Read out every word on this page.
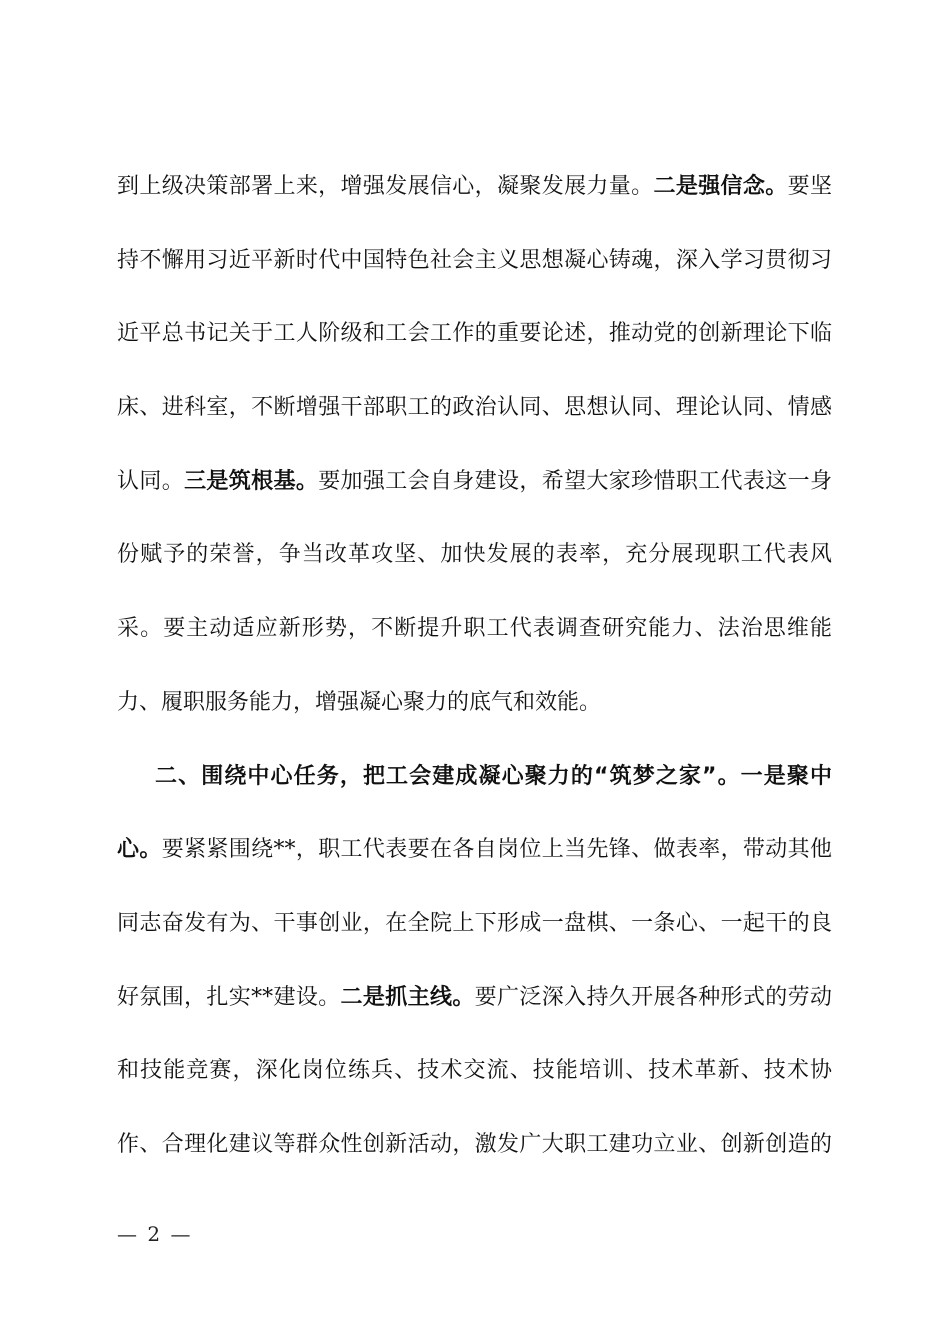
到上级决策部署上来，增强发展信心，凝聚发展力量。二是强信念。要坚
持不懈用习近平新时代中国特色社会主义思想凝心铸魂，深入学习贯彻习
近平总书记关于工人阶级和工会工作的重要论述，推动党的创新理论下临
床、进科室，不断增强干部职工的政治认同、思想认同、理论认同、情感
认同。三是筑根基。要加强工会自身建设，希望大家珍惜职工代表这一身
份赋予的荣誉，争当改革攻坚、加快发展的表率，充分展现职工代表风
采。要主动适应新形势，不断提升职工代表调查研究能力、法治思维能
力、履职服务能力，增强凝心聚力的底气和效能。
二、围绕中心任务，把工会建成凝心聚力的“筑梦之家”。一是聚中
心。要紧紧围绕**，职工代表要在各自岗位上当先锋、做表率，带动其他
同志奋发有为、干事创业，在全院上下形成一盘棋、一条心、一起干的良
好氛围，扎实**建设。二是抓主线。要广泛深入持久开展各种形式的劳动
和技能竞赛，深化岗位练兵、技术交流、技能培训、技术革新、技术协
作、合理化建议等群众性创新活动，激发广大职工建功立业、创新创造的
— 2 —
